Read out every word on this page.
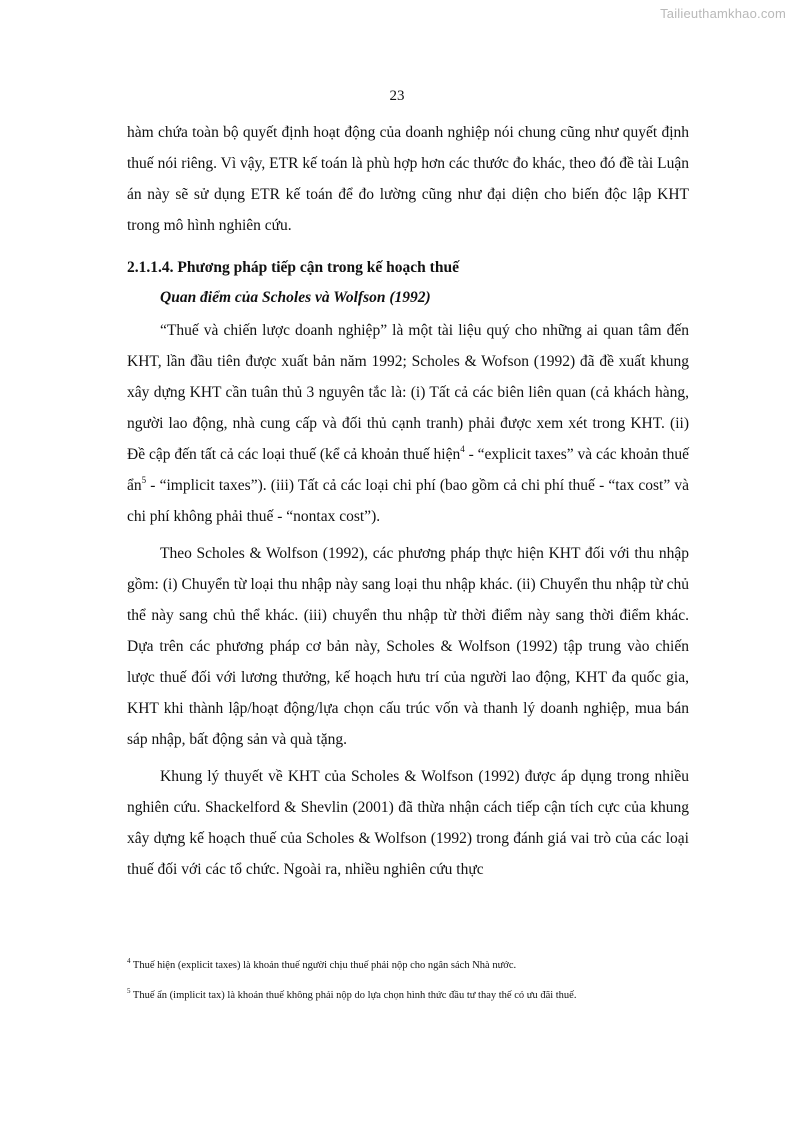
Tailieuthamkhao.com
23

hàm chứa toàn bộ quyết định hoạt động của doanh nghiệp nói chung cũng như quyết định thuế nói riêng. Vì vậy, ETR kế toán là phù hợp hơn các thước đo khác, theo đó đề tài Luận án này sẽ sử dụng ETR kế toán để đo lường cũng như đại diện cho biến độc lập KHT trong mô hình nghiên cứu.

2.1.1.4. Phương pháp tiếp cận trong kế hoạch thuế
Quan điểm của Scholes và Wolfson (1992)

“Thuế và chiến lược doanh nghiệp” là một tài liệu quý cho những ai quan tâm đến KHT, lần đầu tiên được xuất bản năm 1992; Scholes & Wofson (1992) đã đề xuất khung xây dựng KHT cần tuân thủ 3 nguyên tắc là: (i) Tất cả các biên liên quan (cả khách hàng, người lao động, nhà cung cấp và đối thủ cạnh tranh) phải được xem xét trong KHT. (ii) Đề cập đến tất cả các loại thuế (kể cả khoản thuế hiện$^4$ - “explicit taxes” và các khoản thuế ẩn$^5$ - “implicit taxes”). (iii) Tất cả các loại chi phí (bao gồm cả chi phí thuế - “tax cost” và chi phí không phải thuế - “nontax cost”).

Theo Scholes & Wolfson (1992), các phương pháp thực hiện KHT đối với thu nhập gồm: (i) Chuyển từ loại thu nhập này sang loại thu nhập khác. (ii) Chuyển thu nhập từ chủ thể này sang chủ thể khác. (iii) chuyển thu nhập từ thời điểm này sang thời điểm khác. Dựa trên các phương pháp cơ bản này, Scholes & Wolfson (1992) tập trung vào chiến lược thuế đối với lương thưởng, kế hoạch hưu trí của người lao động, KHT đa quốc gia, KHT khi thành lập/hoạt động/lựa chọn cấu trúc vốn và thanh lý doanh nghiệp, mua bán sáp nhập, bất động sản và quà tặng.

Khung lý thuyết về KHT của Scholes & Wolfson (1992) được áp dụng trong nhiều nghiên cứu. Shackelford & Shevlin (2001) đã thừa nhận cách tiếp cận tích cực của khung xây dựng kế hoạch thuế của Scholes & Wolfson (1992) trong đánh giá vai trò của các loại thuế đối với các tổ chức. Ngoài ra, nhiều nghiên cứu thực

$^4$ Thuế hiện (explicit taxes) là khoản thuế người chịu thuế phải nộp cho ngân sách Nhà nước.

$^5$ Thuế ẩn (implicit tax) là khoản thuế không phải nộp do lựa chọn hình thức đầu tư thay thế có ưu đãi thuế.
